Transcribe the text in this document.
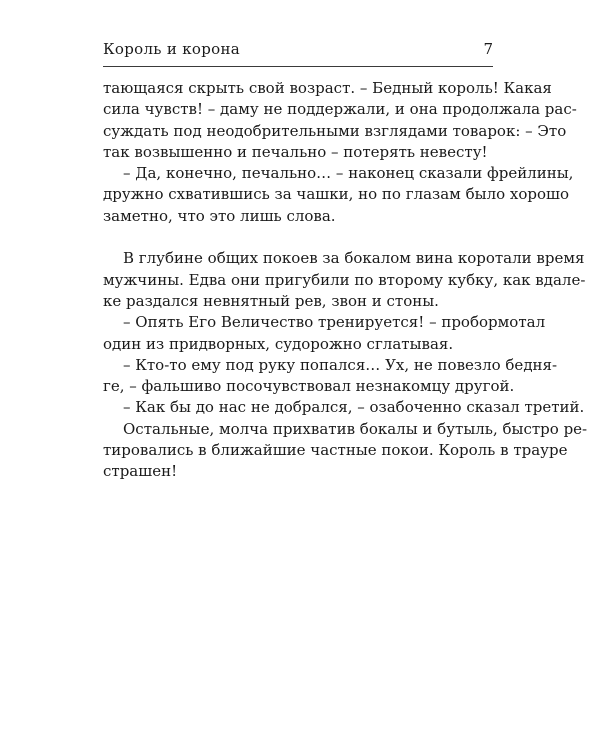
Король и корона	7
тающаяся скрыть свой возраст. – Бедный король! Какая
сила чувств! – даму не поддержали, и она продолжала рас-
суждать под неодобрительными взглядами товарок: – Это
так возвышенно и печально – потерять невесту!
– Да, конечно, печально… – наконец сказали фрейлины,
дружно схватившись за чашки, но по глазам было хорошо
заметно, что это лишь слова.
В глубине общих покоев за бокалом вина коротали время
мужчины. Едва они пригубили по второму кубку, как вдале-
ке раздался невнятный рев, звон и стоны.
– Опять Его Величество тренируется! – пробормотал
один из придворных, судорожно сглатывая.
– Кто-то ему под руку попался… Ух, не повезло бедня-
ге, – фальшиво посочувствовал незнакомцу другой.
– Как бы до нас не добрался, – озабоченно сказал третий.
Остальные, молча прихватив бокалы и бутыль, быстро ре-
тировались в ближайшие частные покои. Король в трауре
страшен!
